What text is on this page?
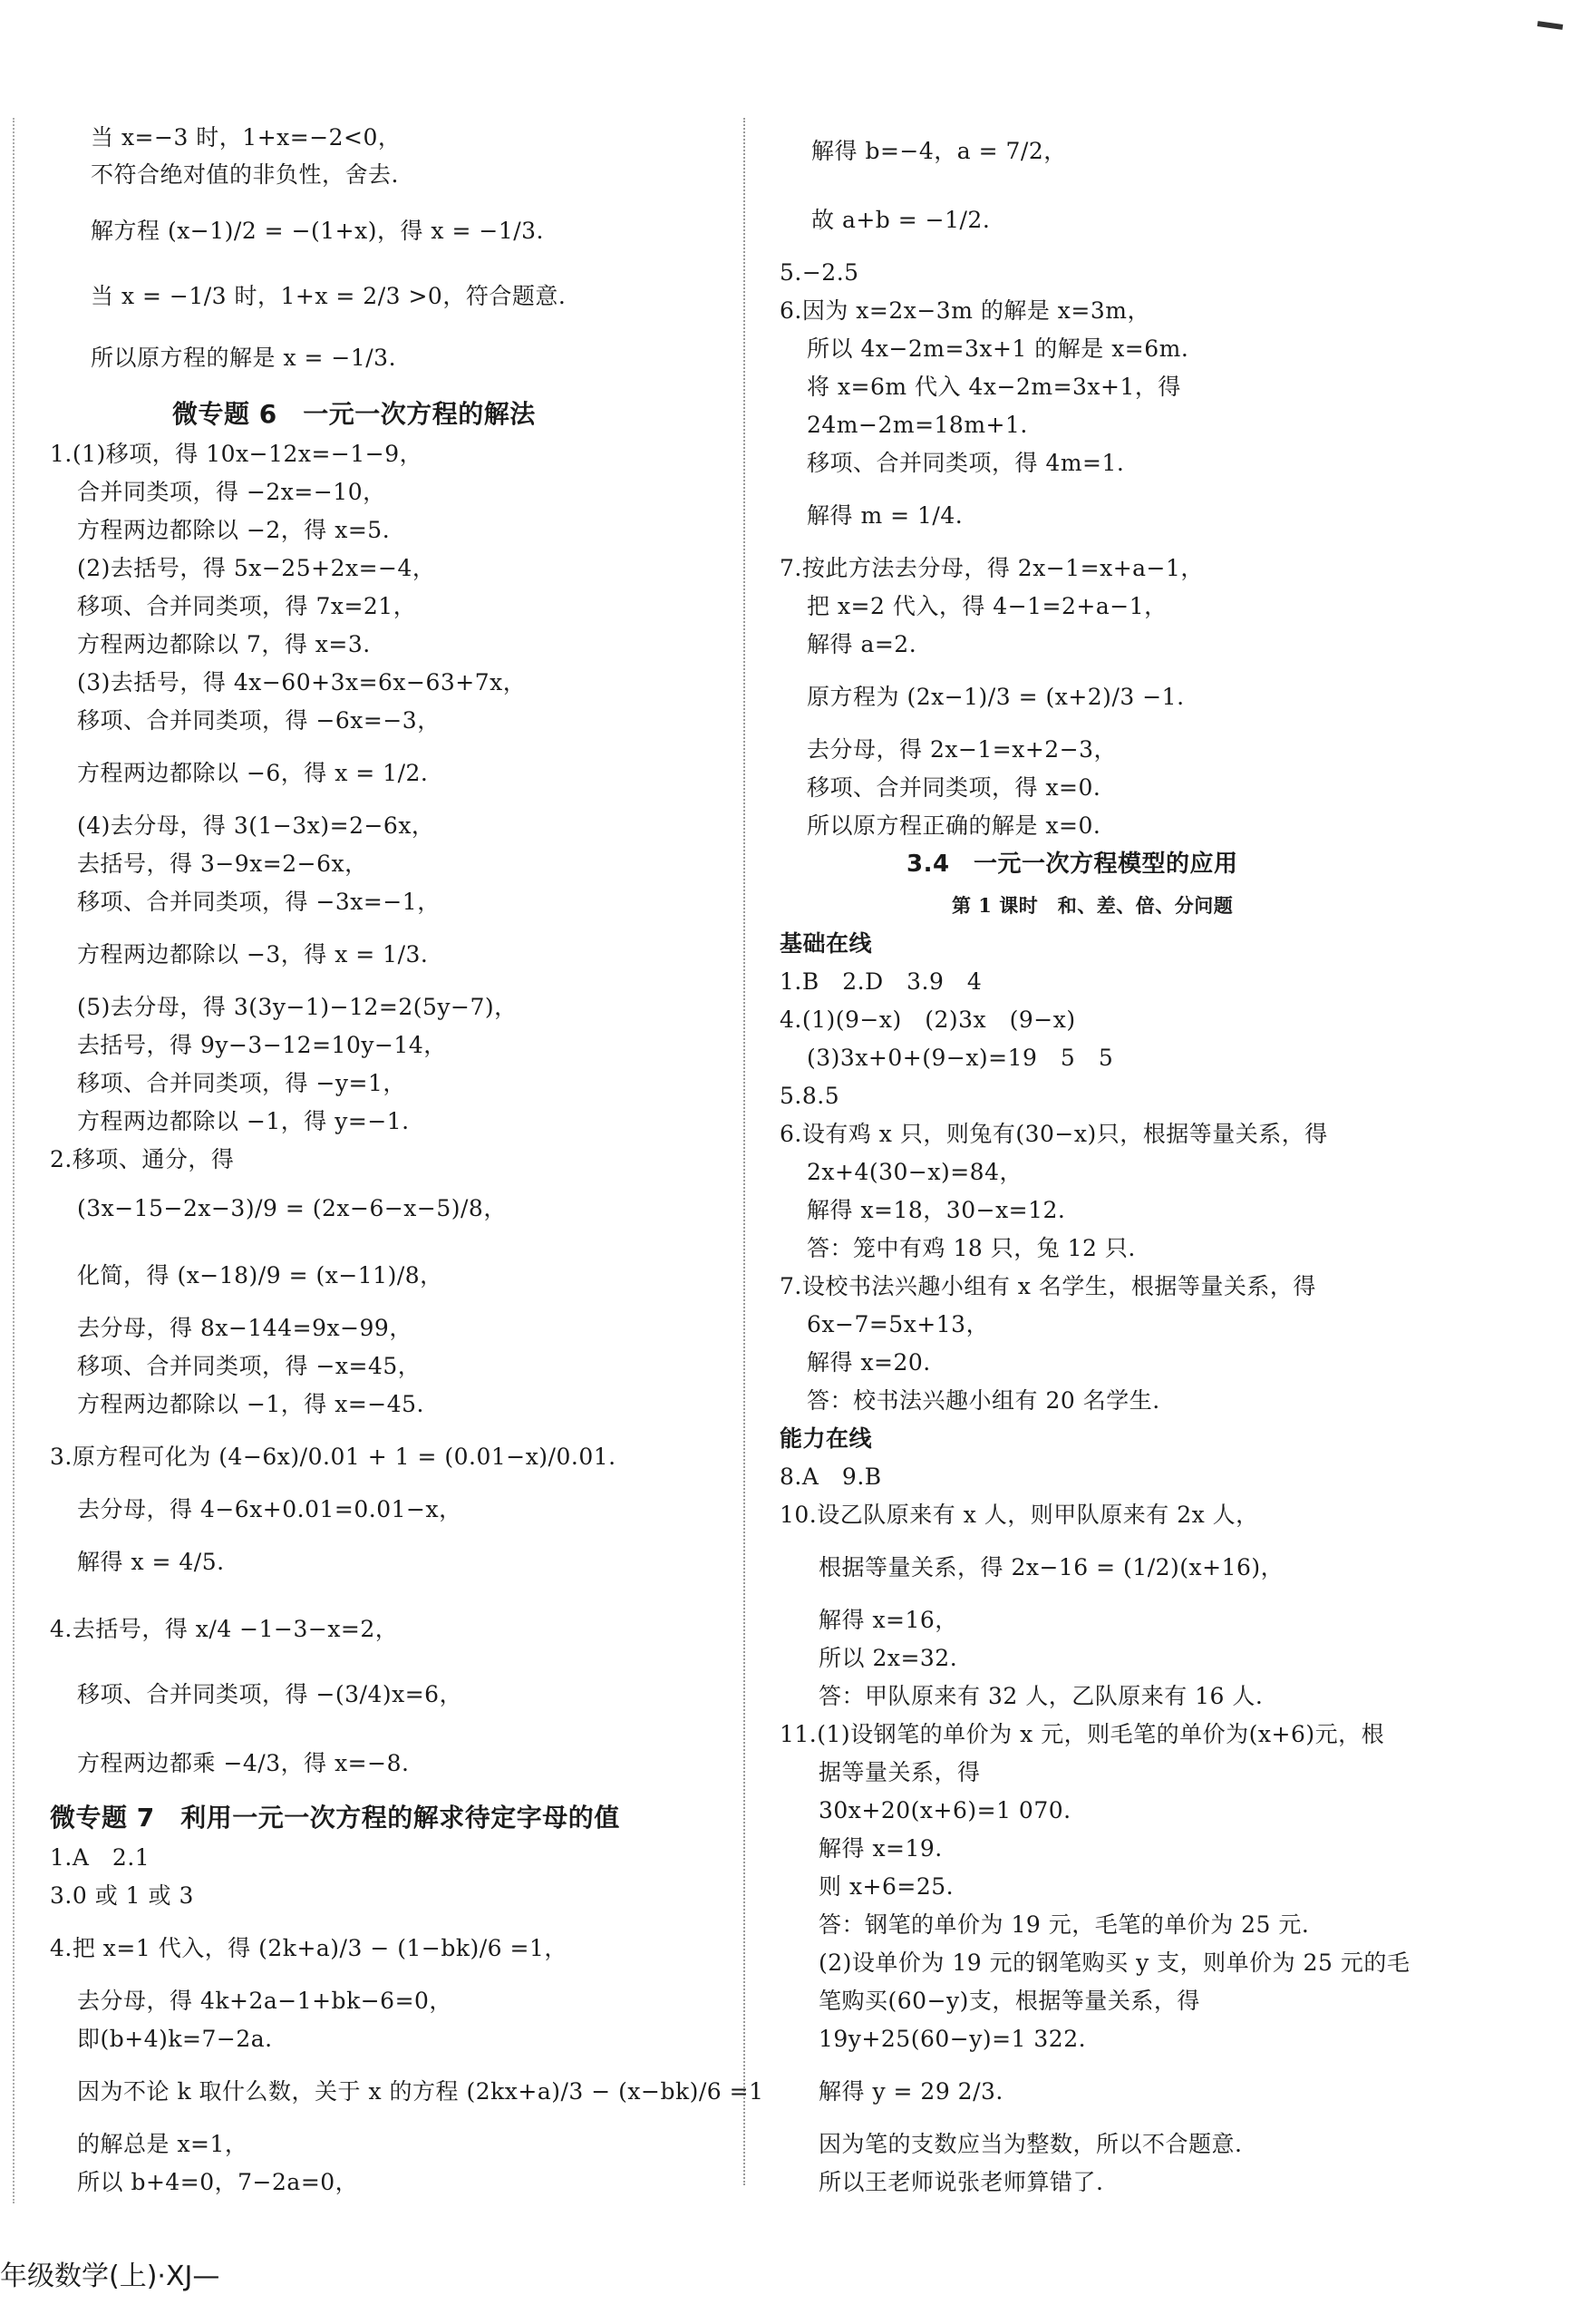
当 x=−3 时，1+x=−2<0，
不符合绝对值的非负性，舍去.
解方程 (x−1)/2 = −(1+x)，得 x = −1/3.
当 x = −1/3 时，1+x = 2/3 >0，符合题意.
所以原方程的解是 x = −1/3.
微专题 6　一元一次方程的解法
1.(1)移项，得 10x−12x=−1−9，
合并同类项，得 −2x=−10，
方程两边都除以 −2，得 x=5.
(2)去括号，得 5x−25+2x=−4，
移项、合并同类项，得 7x=21，
方程两边都除以 7，得 x=3.
(3)去括号，得 4x−60+3x=6x−63+7x，
移项、合并同类项，得 −6x=−3，
方程两边都除以 −6，得 x = 1/2.
(4)去分母，得 3(1−3x)=2−6x，
去括号，得 3−9x=2−6x，
移项、合并同类项，得 −3x=−1，
方程两边都除以 −3，得 x = 1/3.
(5)去分母，得 3(3y−1)−12=2(5y−7)，
去括号，得 9y−3−12=10y−14，
移项、合并同类项，得 −y=1，
方程两边都除以 −1，得 y=−1.
2.移项、通分，得
(3x−15−2x−3)/9 = (2x−6−x−5)/8，
化简，得 (x−18)/9 = (x−11)/8，
去分母，得 8x−144=9x−99，
移项、合并同类项，得 −x=45，
方程两边都除以 −1，得 x=−45.
3.原方程可化为 (4−6x)/0.01 + 1 = (0.01−x)/0.01.
去分母，得 4−6x+0.01=0.01−x，
解得 x = 4/5.
4.去括号，得 x/4 −1−3−x=2，
移项、合并同类项，得 −(3/4)x=6，
方程两边都乘 −4/3，得 x=−8.
微专题 7　利用一元一次方程的解求待定字母的值
1.A　2.1
3.0 或 1 或 3
4.把 x=1 代入，得 (2k+a)/3 − (1−bk)/6 =1，
去分母，得 4k+2a−1+bk−6=0，
即(b+4)k=7−2a.
因为不论 k 取什么数，关于 x 的方程 (2kx+a)/3 − (x−bk)/6 =1
的解总是 x=1，
所以 b+4=0，7−2a=0，
解得 b=−4，a = 7/2，
故 a+b = −1/2.
5.−2.5
6.因为 x=2x−3m 的解是 x=3m，
所以 4x−2m=3x+1 的解是 x=6m.
将 x=6m 代入 4x−2m=3x+1，得
24m−2m=18m+1.
移项、合并同类项，得 4m=1.
解得 m = 1/4.
7.按此方法去分母，得 2x−1=x+a−1，
把 x=2 代入，得 4−1=2+a−1，
解得 a=2.
原方程为 (2x−1)/3 = (x+2)/3 −1.
去分母，得 2x−1=x+2−3，
移项、合并同类项，得 x=0.
所以原方程正确的解是 x=0.
3.4　一元一次方程模型的应用
第 1 课时　和、差、倍、分问题
基础在线
1.B　2.D　3.9　4
4.(1)(9−x)　(2)3x　(9−x)
(3)3x+0+(9−x)=19　5　5
5.8.5
6.设有鸡 x 只，则兔有(30−x)只，根据等量关系，得
2x+4(30−x)=84，
解得 x=18，30−x=12.
答：笼中有鸡 18 只，兔 12 只.
7.设校书法兴趣小组有 x 名学生，根据等量关系，得
6x−7=5x+13，
解得 x=20.
答：校书法兴趣小组有 20 名学生.
能力在线
8.A　9.B
10.设乙队原来有 x 人，则甲队原来有 2x 人，
根据等量关系，得 2x−16 = (1/2)(x+16)，
解得 x=16，
所以 2x=32.
答：甲队原来有 32 人，乙队原来有 16 人.
11.(1)设钢笔的单价为 x 元，则毛笔的单价为(x+6)元，根
据等量关系，得
30x+20(x+6)=1 070.
解得 x=19.
则 x+6=25.
答：钢笔的单价为 19 元，毛笔的单价为 25 元.
(2)设单价为 19 元的钢笔购买 y 支，则单价为 25 元的毛
笔购买(60−y)支，根据等量关系，得
19y+25(60−y)=1 322.
解得 y = 29 2/3.
因为笔的支数应当为整数，所以不合题意.
所以王老师说张老师算错了.
年级数学(上)·XJ—
